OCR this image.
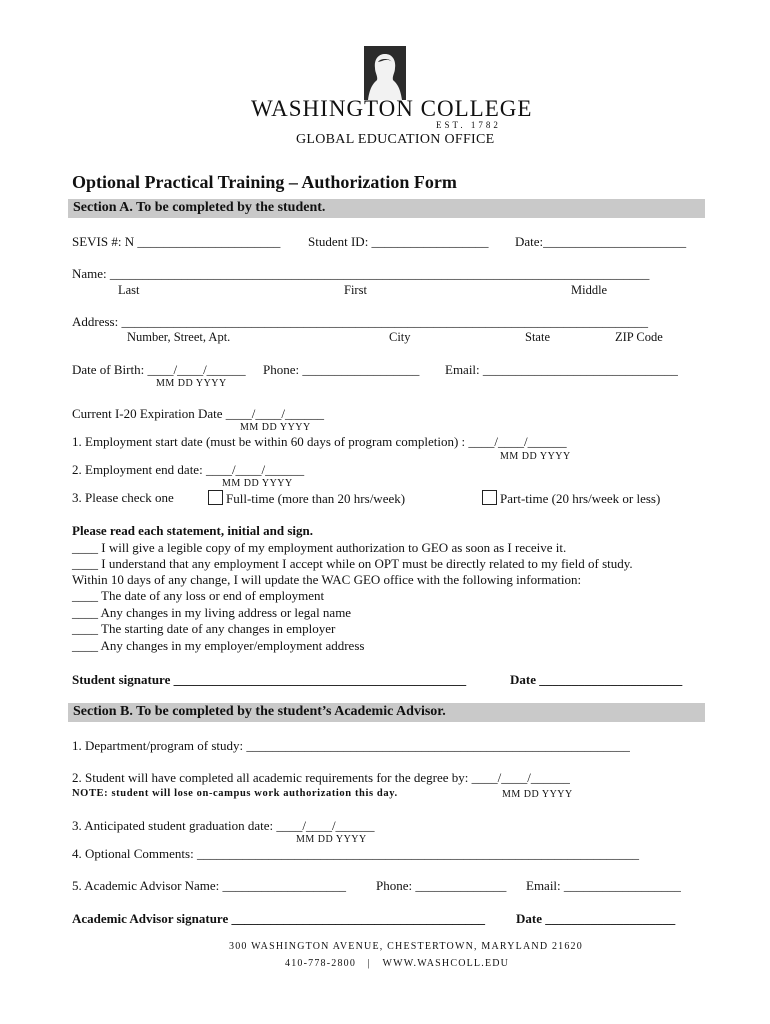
WASHINGTON COLLEGE
EST. 1782
GLOBAL EDUCATION OFFICE
Optional Practical Training – Authorization Form
Section A. To be completed by the student.
SEVIS #: N ______________________ Student ID: __________________ Date:______________________
Name: ___________________________________________________________________________________
Last	First	Middle
Address: _________________________________________________________________________________
Number, Street, Apt.	City	State	ZIP Code
Date of Birth: ____/____/______ Phone: __________________ Email: ______________________________
MM DD YYYY
Current I-20 Expiration Date ____/____/______
MM DD YYYY
1. Employment start date (must be within 60 days of program completion) : ____/____/______
MM DD YYYY
2. Employment end date: ____/____/______
MM DD YYYY
3. Please check one	Full-time (more than 20 hrs/week)	Part-time (20 hrs/week or less)
Please read each statement, initial and sign.
____ I will give a legible copy of my employment authorization to GEO as soon as I receive it.
____ I understand that any employment I accept while on OPT must be directly related to my field of study.
Within 10 days of any change, I will update the WAC GEO office with the following information:
____ The date of any loss or end of employment
____ Any changes in my living address or legal name
____ The starting date of any changes in employer
____ Any changes in my employer/employment address
Student signature _____________________________________________	Date ______________________
Section B. To be completed by the student’s Academic Advisor.
1. Department/program of study: ___________________________________________________________
2. Student will have completed all academic requirements for the degree by: ____/____/______
NOTE: student will lose on-campus work authorization this day.	MM DD YYYY
3. Anticipated student graduation date: ____/____/______
MM DD YYYY
4. Optional Comments: ____________________________________________________________________
5. Academic Advisor Name: ___________________ Phone: ______________ Email: __________________
Academic Advisor signature _______________________________________ Date ____________________
300 WASHINGTON AVENUE, CHESTERTOWN, MARYLAND 21620
410-778-2800 | WWW.WASHCOLL.EDU
